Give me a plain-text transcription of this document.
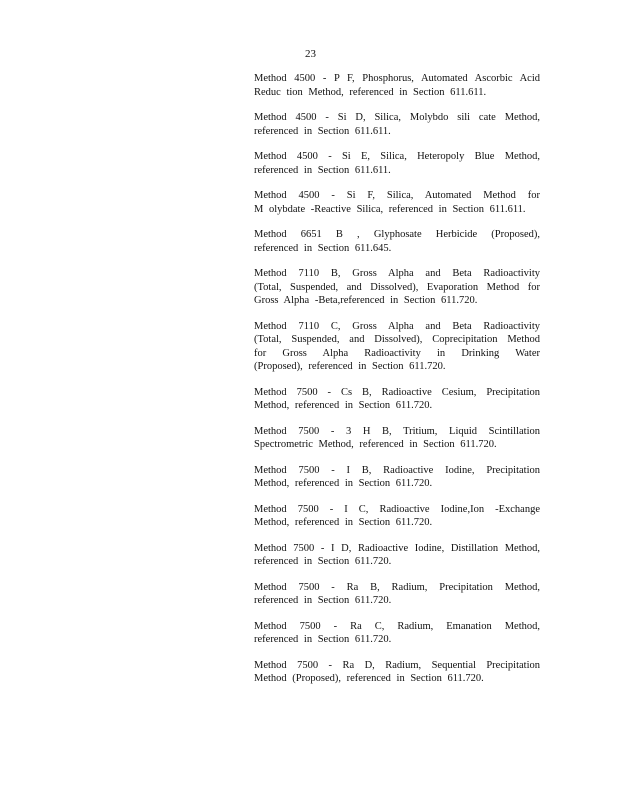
23
Method 4500 - P F, Phosphorus, Automated Ascorbic Acid
Reduc tion Method, referenced in Section 611.611.
Method 4500 - Si D, Silica, Molybdo sili cate Method,
referenced in Section 611.611.
Method 4500 - Si E, Silica, Heteropoly Blue Method,
referenced in Section 611.611.
Method 4500 - Si F, Silica, Automated Method for
M olybdate -Reactive Silica, referenced in Section 611.611.
Method 6651 B , Glyphosate Herbicide (Proposed),
referenced in Section 611.645.
Method 7110 B, Gross Alpha and Beta Radioactivity
(Total, Suspended, and Dissolved), Evaporation Method for
Gross Alpha -Beta,referenced in Section 611.720.
Method 7110 C, Gross Alpha and Beta Radioactivity
(Total, Suspended, and Dissolved), Coprecipitation Method
for Gross Alpha Radioactivity in Drinking Water
(Proposed), referenced in Section 611.720.
Method 7500 - Cs B, Radioactive Cesium, Precipitation
Method, referenced in Section 611.720.
Method 7500 - 3 H B, Tritium, Liquid Scintillation
Spectrometric Method, referenced in Section 611.720.
Method 7500 - I B, Radioactive Iodine, Precipitation
Method, referenced in Section 611.720.
Method 7500 - I C, Radioactive Iodine,Ion -Exchange
Method, referenced in Section 611.720.
Method 7500 - I D, Radioactive Iodine, Distillation Method,
referenced in Section 611.720.
Method 7500 - Ra B, Radium, Precipitation Method,
referenced in Section 611.720.
Method 7500 - Ra C, Radium, Emanation Method,
referenced in Section 611.720.
Method 7500 - Ra D, Radium, Sequential Precipitation
Method (Proposed), referenced in Section 611.720.
